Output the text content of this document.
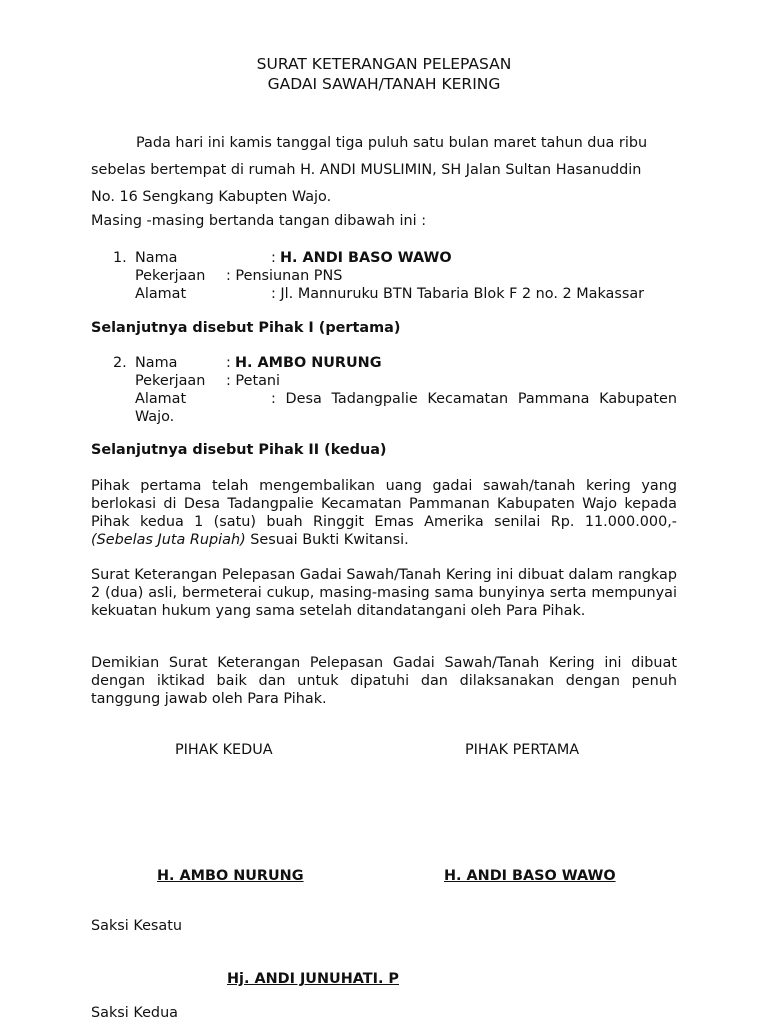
SURAT KETERANGAN PELEPASAN
GADAI SAWAH/TANAH KERING
Pada hari ini kamis tanggal tiga puluh satu bulan maret tahun dua ribu
sebelas bertempat di rumah H. ANDI MUSLIMIN, SH Jalan Sultan Hasanuddin
No. 16 Sengkang Kabupten Wajo.
Masing -masing bertanda tangan dibawah ini :
1. Nama	: H. ANDI BASO WAWO
Pekerjaan : Pensiunan PNS
Alamat	: Jl. Mannuruku BTN Tabaria Blok F 2 no. 2 Makassar
Selanjutnya disebut Pihak I (pertama)
2. Nama	: H. AMBO NURUNG
Pekerjaan : Petani
Alamat	: Desa Tadangpalie Kecamatan Pammana Kabupaten
Wajo.
Selanjutnya disebut Pihak II (kedua)
Pihak pertama telah mengembalikan uang gadai sawah/tanah kering yang berlokasi di Desa Tadangpalie Kecamatan Pammanan Kabupaten Wajo kepada Pihak kedua 1 (satu) buah Ringgit Emas Amerika senilai Rp. 11.000.000,- (Sebelas Juta Rupiah) Sesuai Bukti Kwitansi.
Surat Keterangan Pelepasan Gadai Sawah/Tanah Kering ini dibuat dalam rangkap 2 (dua) asli, bermeterai cukup, masing-masing sama bunyinya serta mempunyai kekuatan hukum yang sama setelah ditandatangani oleh Para Pihak.
Demikian Surat Keterangan Pelepasan Gadai Sawah/Tanah Kering ini dibuat dengan iktikad baik dan untuk dipatuhi dan dilaksanakan dengan penuh tanggung jawab oleh Para Pihak.
PIHAK KEDUA	PIHAK PERTAMA
H. AMBO NURUNG	H. ANDI BASO WAWO
Saksi Kesatu
Hj. ANDI JUNUHATI. P
Saksi Kedua
